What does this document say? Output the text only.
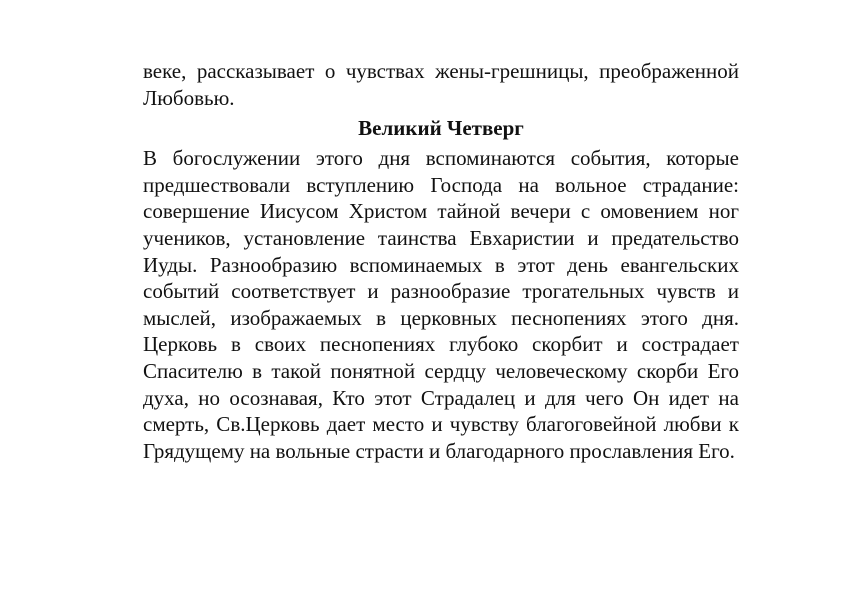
веке, рассказывает о чувствах жены-грешницы, преображенной Любовью.

Великий Четверг

В богослужении этого дня вспоминаются события, которые предшествовали вступлению Господа на вольное страдание: совершение Иисусом Христом тайной вечери с омовением ног учеников, установление таинства Евхаристии и предательство Иуды. Разнообразию вспоминаемых в этот день евангельских событий соответствует и разнообразие трогательных чувств и мыслей, изображаемых в церковных песнопениях этого дня. Церковь в своих песнопениях глубоко скорбит и сострадает Спасителю в такой понятной сердцу человеческому скорби Его духа, но осознавая, Кто этот Страдалец и для чего Он идет на смерть, Св.Церковь дает место и чувству благоговейной любви к Грядущему на вольные страсти и благодарного прославления Его.
